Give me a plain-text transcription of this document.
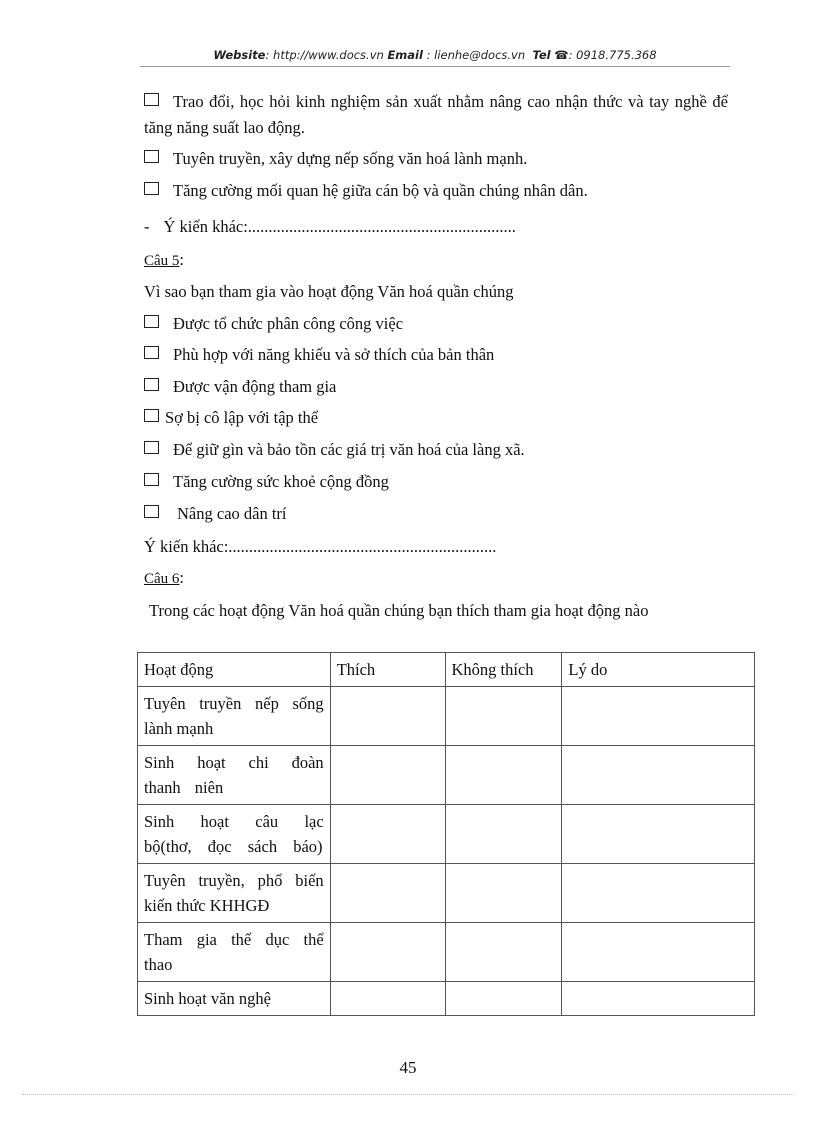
Website: http://www.docs.vn Email : lienhe@docs.vn Tel ☎: 0918.775.368
Trao đổi, học hỏi kinh nghiệm sản xuất nhằm nâng cao nhận thức và tay nghề để tăng năng suất lao động.
Tuyên truyền, xây dựng nếp sống văn hoá lành mạnh.
Tăng cường mối quan hệ giữa cán bộ và quần chúng nhân dân.
- Ý kiến khác:.................................................................
Câu 5:
Vì sao bạn tham gia vào hoạt động Văn hoá quần chúng
Được tổ chức phân công công việc
Phù hợp với năng khiếu và sở thích của bản thân
Được vận động tham gia
Sợ bị cô lập với tập thể
Để giữ gìn và bảo tồn các giá trị văn hoá của làng xã.
Tăng cường sức khoẻ cộng đồng
Nâng cao dân trí
Ý kiến khác:.................................................................
Câu 6:
Trong các hoạt động Văn hoá quần chúng bạn thích tham gia hoạt động nào
Hoạt động	Thích	Không thích	Lý do
Tuyên truyền nếp sống lành mạnh			
Sinh hoạt chi đoàn thanh niên			
Sinh hoạt câu lạc bộ(thơ, đọc sách báo)			
Tuyên truyền, phổ biến kiến thức KHHGĐ			
Tham gia thể dục thể thao			
Sinh hoạt văn nghệ			
45
